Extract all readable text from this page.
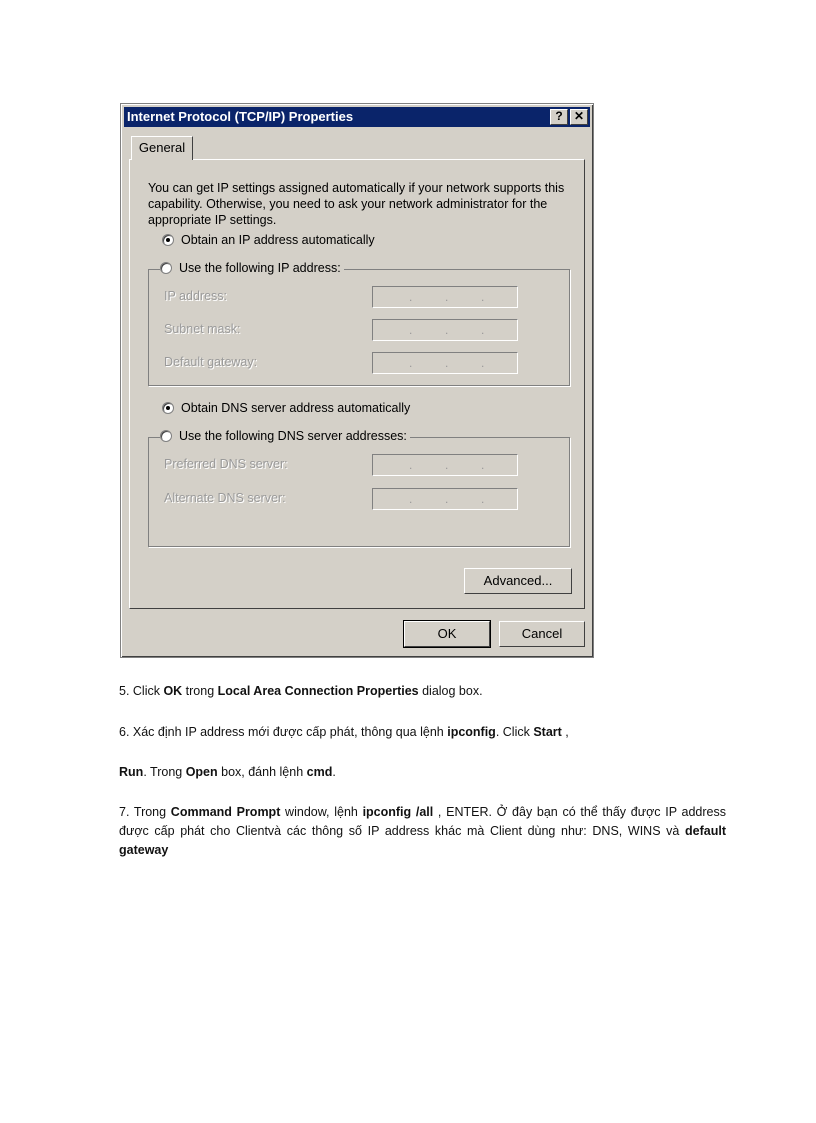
Internet Protocol (TCP/IP) Properties	? ✕
General
You can get IP settings assigned automatically if your network supports this capability. Otherwise, you need to ask your network administrator for the appropriate IP settings.
Obtain an IP address automatically
Use the following IP address:
IP address:	.	.	.
Subnet mask:	.	.	.
Default gateway:	.	.	.
Obtain DNS server address automatically
Use the following DNS server addresses:
Preferred DNS server:	.	.	.
Alternate DNS server:	.	.	.
Advanced...
OK	Cancel
5. Click OK trong Local Area Connection Properties dialog box.
6. Xác định IP address mới được cấp phát, thông qua lệnh ipconfig. Click Start ,
Run. Trong Open box, đánh lệnh cmd.
7. Trong Command Prompt window, lệnh ipconfig /all , ENTER. Ở đây bạn có thể thấy được IP address được cấp phát cho Clientvà các thông số IP address khác mà Client dùng như: DNS, WINS và default gateway
